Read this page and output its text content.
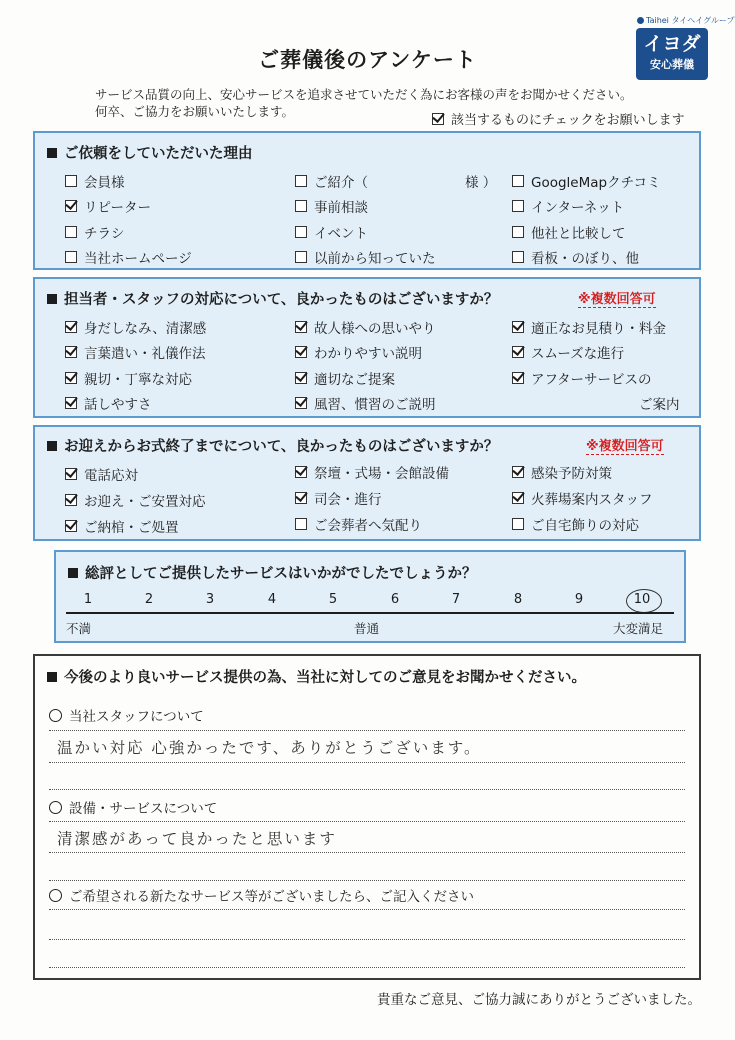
Taihei タイヘイグループ
イヨダ
安心葬儀
ご葬儀後のアンケート
サービス品質の向上、安心サービスを追求させていただく為にお客様の声をお聞かせください。
何卒、ご協力をお願いいたします。
該当するものにチェックをお願いします
ご依頼をしていただいた理由
会員様
リピーター
チラシ
当社ホームページ
ご紹介（	様 ）
事前相談
イベント
以前から知っていた
GoogleMapクチコミ
インターネット
他社と比較して
看板・のぼり、他
担当者・スタッフの対応について、良かったものはございますか？	※複数回答可
身だしなみ、清潔感
言葉遣い・礼儀作法
親切・丁寧な対応
話しやすさ
故人様への思いやり
わかりやすい説明
適切なご提案
風習、慣習のご説明
適正なお見積り・料金
スムーズな進行
アフターサービスの
ご案内
お迎えからお式終了までについて、良かったものはございますか？	※複数回答可
電話応対
お迎え・ご安置対応
ご納棺・ご処置
祭壇・式場・会館設備
司会・進行
ご会葬者へ気配り
感染予防対策
火葬場案内スタッフ
ご自宅飾りの対応
総評としてご提供したサービスはいかがでしたでしょうか？
1	2	3	4	5	6	7	8	9	10
不満	普通	大変満足
今後のより良いサービス提供の為、当社に対してのご意見をお聞かせください。
当社スタッフについて
温かい対応 心強かったです、ありがとうございます。
設備・サービスについて
清潔感があって良かったと思います
ご希望される新たなサービス等がございましたら、ご記入ください
貴重なご意見、ご協力誠にありがとうございました。
